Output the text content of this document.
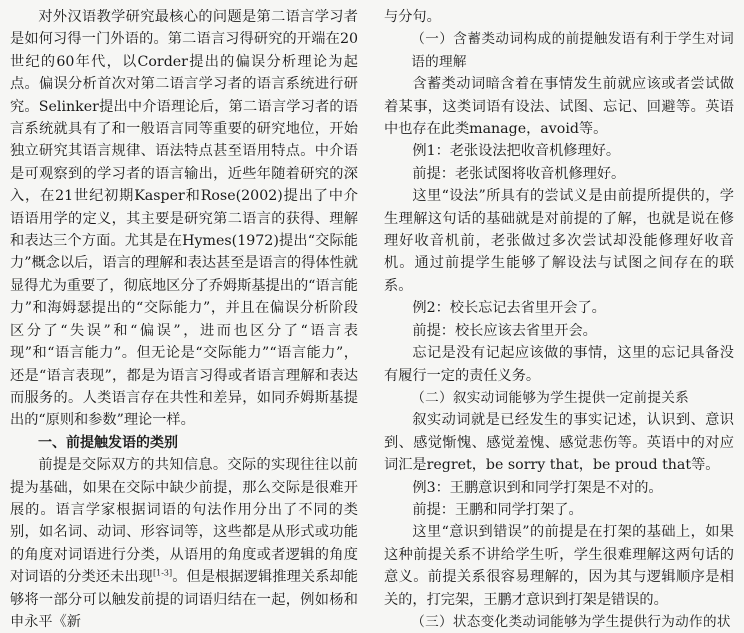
对外汉语教学研究最核心的问题是第二语言学习者是如何习得一门外语的。第二语言习得研究的开端在20世纪的60年代，以Corder提出的偏误分析理论为起点。偏误分析首次对第二语言学习者的语言系统进行研究。Selinker提出中介语理论后，第二语言学习者的语言系统就具有了和一般语言同等重要的研究地位，开始独立研究其语言规律、语法特点甚至语用特点。中介语是可观察到的学习者的语言输出，近些年随着研究的深入，在21世纪初期Kasper和Rose(2002)提出了中介语语用学的定义，其主要是研究第二语言的获得、理解和表达三个方面。尤其是在Hymes(1972)提出“交际能力”概念以后，语言的理解和表达甚至是语言的得体性就显得尤为重要了，彻底地区分了乔姆斯基提出的“语言能力”和海姆瑟提出的“交际能力”，并且在偏误分析阶段区分了“失误”和“偏误”，进而也区分了“语言表现”和“语言能力”。但无论是“交际能力”“语言能力”，还是“语言表现”，都是为语言习得或者语言理解和表达而服务的。人类语言存在共性和差异，如同乔姆斯基提出的“原则和参数”理论一样。

一、前提触发语的类别

前提是交际双方的共知信息。交际的实现往往以前提为基础，如果在交际中缺少前提，那么交际是很难开展的。语言学家根据词语的句法作用分出了不同的类别，如名词、动词、形容词等，这些都是从形式或功能的角度对词语进行分类，从语用的角度或者逻辑的角度对词语的分类还未出现[1-3]。但是根据逻辑推理关系却能够将一部分可以触发前提的词语归结在一起，例如杨和申永平《新

与分句。

（一）含蓄类动词构成的前提触发语有利于学生对词语的理解

含蓄类动词暗含着在事情发生前就应该或者尝试做着某事，这类词语有设法、试图、忘记、回避等。英语中也存在此类manage，avoid等。

例1：老张设法把收音机修理好。

前提：老张试图将收音机修理好。

这里“设法”所具有的尝试义是由前提所提供的，学生理解这句话的基础就是对前提的了解，也就是说在修理好收音机前，老张做过多次尝试却没能修理好收音机。通过前提学生能够了解设法与试图之间存在的联系。

例2：校长忘记去省里开会了。

前提：校长应该去省里开会。

忘记是没有记起应该做的事情，这里的忘记具备没有履行一定的责任义务。

（二）叙实动词能够为学生提供一定前提关系

叙实动词就是已经发生的事实记述，认识到、意识到、感觉惭愧、感觉羞愧、感觉悲伤等。英语中的对应词汇是regret，be sorry that，be proud that等。

例3：王鹏意识到和同学打架是不对的。

前提：王鹏和同学打架了。

这里“意识到错误”的前提是在打架的基础上，如果这种前提关系不讲给学生听，学生很难理解这两句话的意义。前提关系很容易理解的，因为其与逻辑顺序是相关的，打完架，王鹏才意识到打架是错误的。

（三）状态变化类动词能够为学生提供行为动作的状
